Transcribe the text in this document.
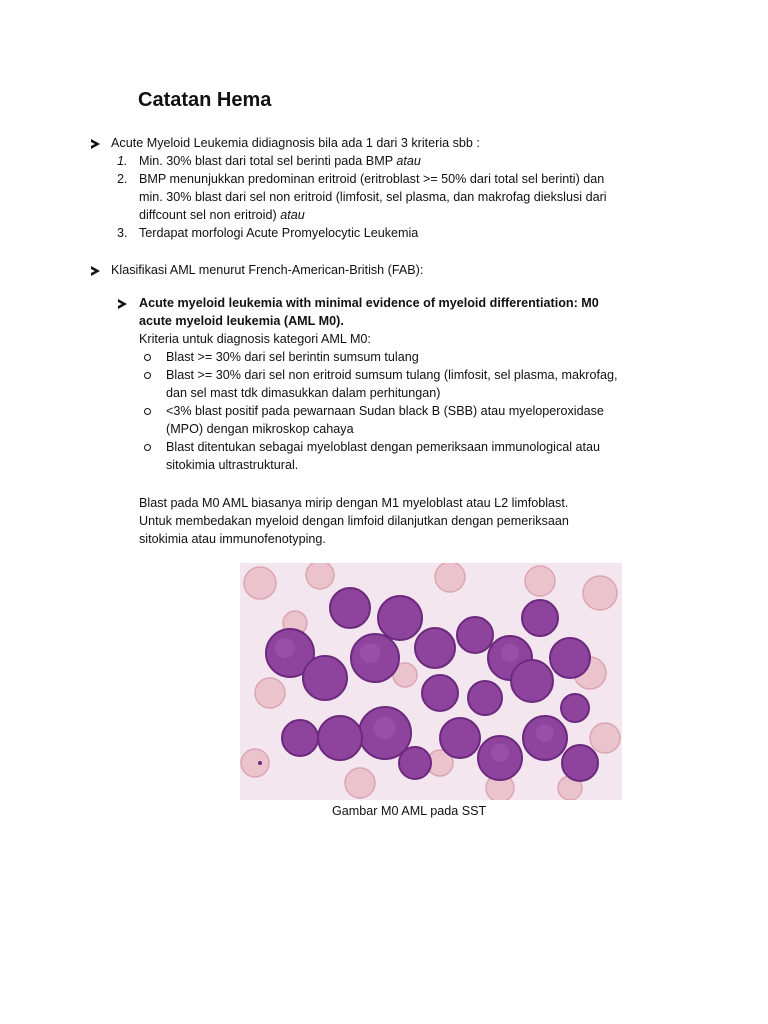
Catatan Hema
Acute Myeloid Leukemia didiagnosis bila ada 1 dari 3 kriteria sbb :
1. Min. 30% blast dari total sel berinti pada BMP atau
2. BMP menunjukkan predominan eritroid (eritroblast >= 50% dari total sel berinti) dan
min. 30% blast dari sel non eritroid (limfosit, sel plasma, dan makrofag diekslusi dari
diffcount sel non eritroid) atau
3. Terdapat morfologi Acute Promyelocytic Leukemia
Klasifikasi AML menurut French-American-British (FAB):
Acute myeloid leukemia with minimal evidence of myeloid differentiation: M0
acute myeloid leukemia (AML M0).
Kriteria untuk diagnosis kategori AML M0:
Blast >= 30% dari sel berintin sumsum tulang
Blast >= 30% dari sel non eritroid sumsum tulang (limfosit, sel plasma, makrofag,
dan sel mast tdk dimasukkan dalam perhitungan)
<3% blast positif pada pewarnaan Sudan black B (SBB) atau myeloperoxidase
(MPO) dengan mikroskop cahaya
Blast ditentukan sebagai myeloblast dengan pemeriksaan immunological atau
sitokimia ultrastruktural.
Blast pada M0 AML biasanya mirip dengan M1 myeloblast atau L2 limfoblast.
Untuk membedakan myeloid dengan limfoid dilanjutkan dengan pemeriksaan
sitokimia atau immunofenotyping.
Gambar M0 AML pada SST
